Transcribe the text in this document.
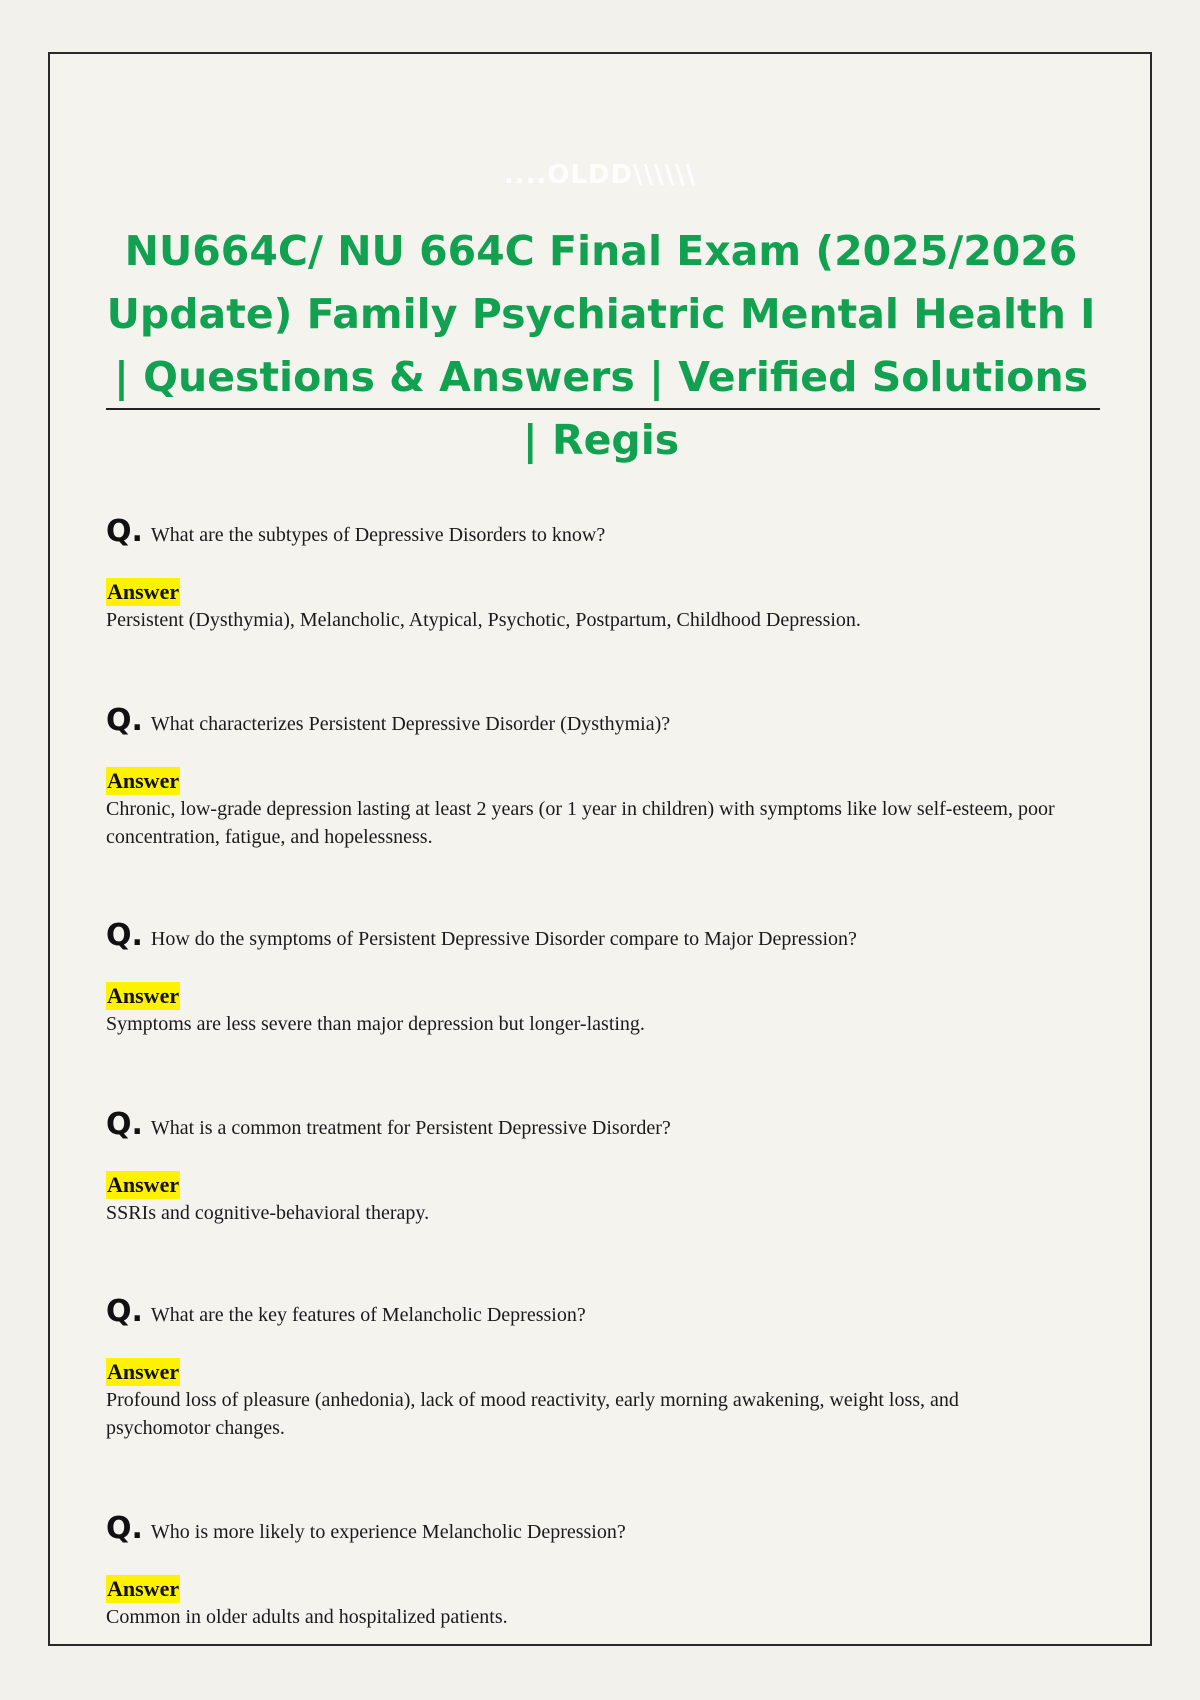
....OLDD\\\\\\
NU664C/ NU 664C Final Exam (2025/2026 Update) Family Psychiatric Mental Health I | Questions & Answers | Verified Solutions | Regis
Q. What are the subtypes of Depressive Disorders to know?
Answer
Persistent (Dysthymia), Melancholic, Atypical, Psychotic, Postpartum, Childhood Depression.
Q. What characterizes Persistent Depressive Disorder (Dysthymia)?
Answer
Chronic, low-grade depression lasting at least 2 years (or 1 year in children) with symptoms like low self-esteem, poor concentration, fatigue, and hopelessness.
Q. How do the symptoms of Persistent Depressive Disorder compare to Major Depression?
Answer
Symptoms are less severe than major depression but longer-lasting.
Q. What is a common treatment for Persistent Depressive Disorder?
Answer
SSRIs and cognitive-behavioral therapy.
Q. What are the key features of Melancholic Depression?
Answer
Profound loss of pleasure (anhedonia), lack of mood reactivity, early morning awakening, weight loss, and psychomotor changes.
Q. Who is more likely to experience Melancholic Depression?
Answer
Common in older adults and hospitalized patients.
